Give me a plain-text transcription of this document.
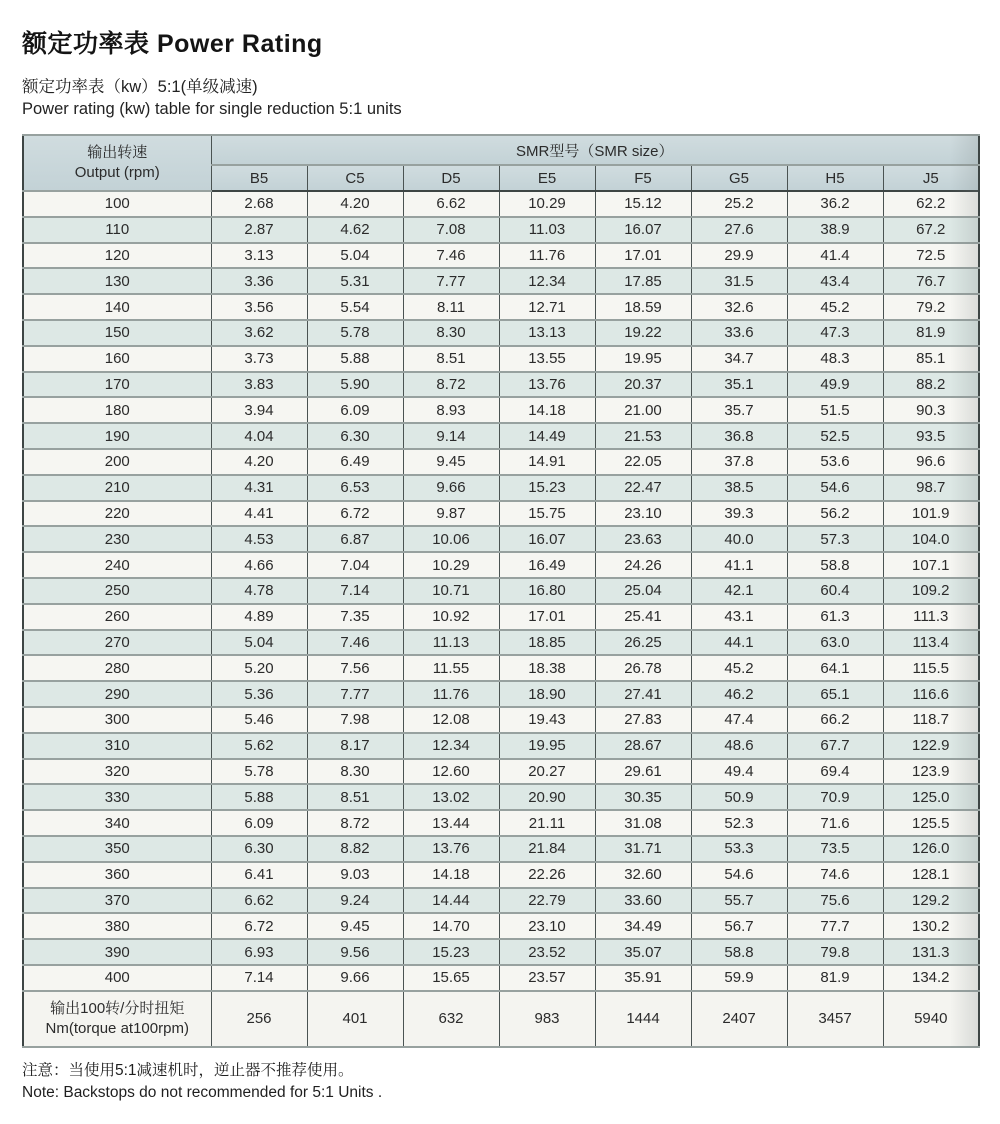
额定功率表 Power Rating
额定功率表（kw）5:1(单级减速)
Power rating (kw) table for single reduction 5:1 units
输出转速
Output (rpm)	SMR型号（SMR size）							
	B5	C5	D5	E5	F5	G5	H5	J5
100	2.68	4.20	6.62	10.29	15.12	25.2	36.2	62.2
110	2.87	4.62	7.08	11.03	16.07	27.6	38.9	67.2
120	3.13	5.04	7.46	11.76	17.01	29.9	41.4	72.5
130	3.36	5.31	7.77	12.34	17.85	31.5	43.4	76.7
140	3.56	5.54	8.11	12.71	18.59	32.6	45.2	79.2
150	3.62	5.78	8.30	13.13	19.22	33.6	47.3	81.9
160	3.73	5.88	8.51	13.55	19.95	34.7	48.3	85.1
170	3.83	5.90	8.72	13.76	20.37	35.1	49.9	88.2
180	3.94	6.09	8.93	14.18	21.00	35.7	51.5	90.3
190	4.04	6.30	9.14	14.49	21.53	36.8	52.5	93.5
200	4.20	6.49	9.45	14.91	22.05	37.8	53.6	96.6
210	4.31	6.53	9.66	15.23	22.47	38.5	54.6	98.7
220	4.41	6.72	9.87	15.75	23.10	39.3	56.2	101.9
230	4.53	6.87	10.06	16.07	23.63	40.0	57.3	104.0
240	4.66	7.04	10.29	16.49	24.26	41.1	58.8	107.1
250	4.78	7.14	10.71	16.80	25.04	42.1	60.4	109.2
260	4.89	7.35	10.92	17.01	25.41	43.1	61.3	111.3
270	5.04	7.46	11.13	18.85	26.25	44.1	63.0	113.4
280	5.20	7.56	11.55	18.38	26.78	45.2	64.1	115.5
290	5.36	7.77	11.76	18.90	27.41	46.2	65.1	116.6
300	5.46	7.98	12.08	19.43	27.83	47.4	66.2	118.7
310	5.62	8.17	12.34	19.95	28.67	48.6	67.7	122.9
320	5.78	8.30	12.60	20.27	29.61	49.4	69.4	123.9
330	5.88	8.51	13.02	20.90	30.35	50.9	70.9	125.0
340	6.09	8.72	13.44	21.11	31.08	52.3	71.6	125.5
350	6.30	8.82	13.76	21.84	31.71	53.3	73.5	126.0
360	6.41	9.03	14.18	22.26	32.60	54.6	74.6	128.1
370	6.62	9.24	14.44	22.79	33.60	55.7	75.6	129.2
380	6.72	9.45	14.70	23.10	34.49	56.7	77.7	130.2
390	6.93	9.56	15.23	23.52	35.07	58.8	79.8	131.3
400	7.14	9.66	15.65	23.57	35.91	59.9	81.9	134.2

输出100转/分时扭矩
Nm(torque at100rpm)	256	401	632	983	1444	2407	3457	5940
注意：当使用5:1减速机时，逆止器不推荐使用。
Note: Backstops do not recommended for 5:1 Units .
